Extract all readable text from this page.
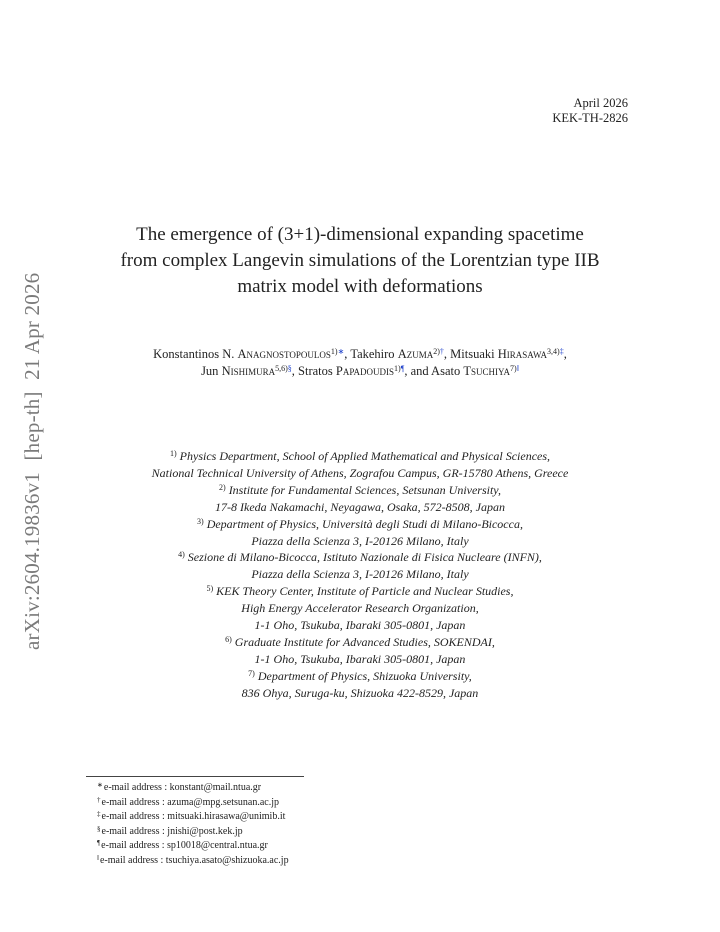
arXiv:2604.19836v1 [hep-th] 21 Apr 2026
April 2026
KEK-TH-2826
The emergence of (3+1)-dimensional expanding spacetime
from complex Langevin simulations of the Lorentzian type IIB
matrix model with deformations
Konstantinos N. Anagnostopoulos$^{1)∗}$, Takehiro Azuma$^{2)\dagger}$, Mitsuaki Hirasawa$^{3,4)\ddagger}$,
Jun Nishimura$^{5,6)\S}$, Stratos Papadoudis$^{1)\P}$, and Asato Tsuchiya$^{7)‖}$
$^{1)}$ Physics Department, School of Applied Mathematical and Physical Sciences,
National Technical University of Athens, Zografou Campus, GR-15780 Athens, Greece
$^{2)}$ Institute for Fundamental Sciences, Setsunan University,
17-8 Ikeda Nakamachi, Neyagawa, Osaka, 572-8508, Japan
$^{3)}$ Department of Physics, Università degli Studi di Milano-Bicocca,
Piazza della Scienza 3, I-20126 Milano, Italy
$^{4)}$ Sezione di Milano-Bicocca, Istituto Nazionale di Fisica Nucleare (INFN),
Piazza della Scienza 3, I-20126 Milano, Italy
$^{5)}$ KEK Theory Center, Institute of Particle and Nuclear Studies,
High Energy Accelerator Research Organization,
1-1 Oho, Tsukuba, Ibaraki 305-0801, Japan
$^{6)}$ Graduate Institute for Advanced Studies, SOKENDAI,
1-1 Oho, Tsukuba, Ibaraki 305-0801, Japan
$^{7)}$ Department of Physics, Shizuoka University,
836 Ohya, Suruga-ku, Shizuoka 422-8529, Japan
∗e-mail address : konstant@mail.ntua.gr
†e-mail address : azuma@mpg.setsunan.ac.jp
‡e-mail address : mitsuaki.hirasawa@unimib.it
§e-mail address : jnishi@post.kek.jp
¶e-mail address : sp10018@central.ntua.gr
‖e-mail address : tsuchiya.asato@shizuoka.ac.jp
